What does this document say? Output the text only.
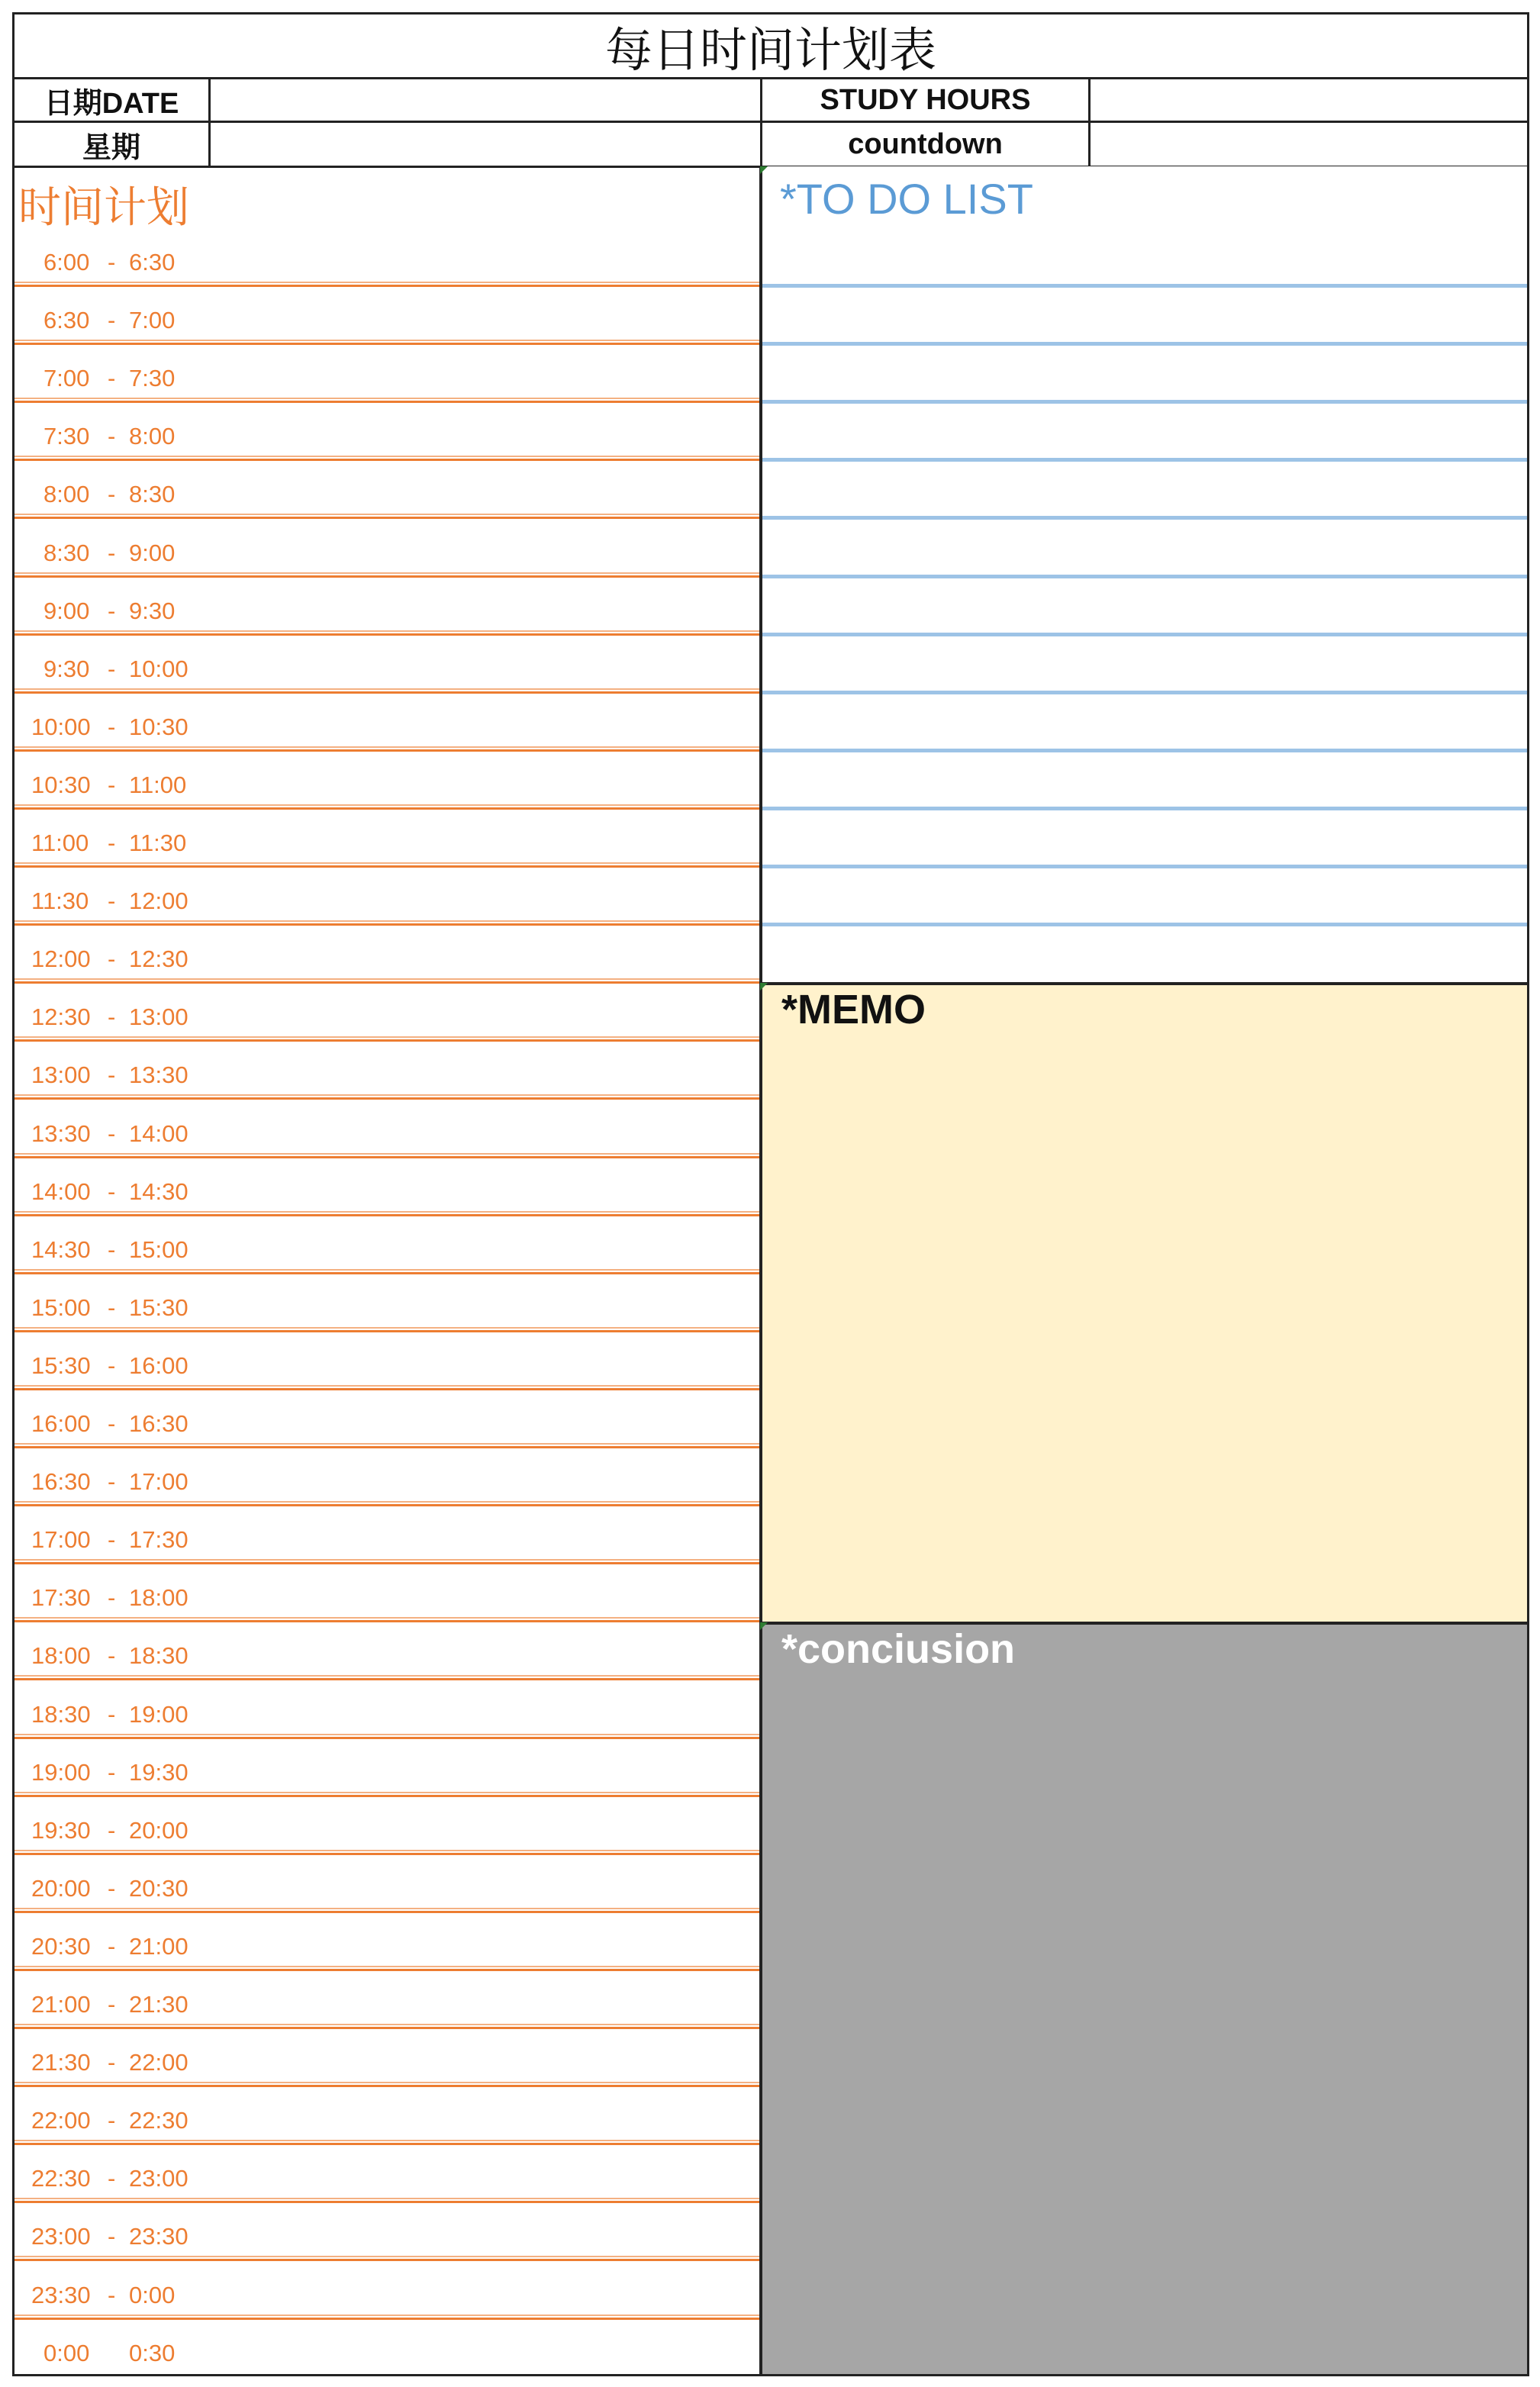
每日时间计划表
日期DATE	STUDY HOURS
星期	countdown
时间计划
6:00 - 6:30
6:30 - 7:00
7:00 - 7:30
7:30 - 8:00
8:00 - 8:30
8:30 - 9:00
9:00 - 9:30
9:30 - 10:00
10:00 - 10:30
10:30 - 11:00
11:00 - 11:30
11:30 - 12:00
12:00 - 12:30
12:30 - 13:00
13:00 - 13:30
13:30 - 14:00
14:00 - 14:30
14:30 - 15:00
15:00 - 15:30
15:30 - 16:00
16:00 - 16:30
16:30 - 17:00
17:00 - 17:30
17:30 - 18:00
18:00 - 18:30
18:30 - 19:00
19:00 - 19:30
19:30 - 20:00
20:00 - 20:30
20:30 - 21:00
21:00 - 21:30
21:30 - 22:00
22:00 - 22:30
22:30 - 23:00
23:00 - 23:30
23:30 - 0:00
0:00 0:30
*TO DO LIST
*MEMO
*conciusion
